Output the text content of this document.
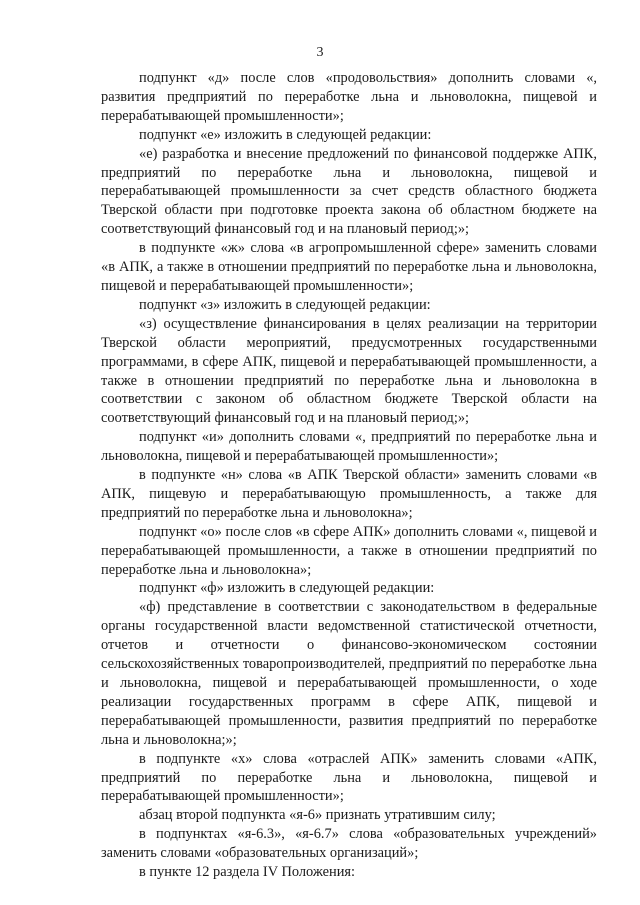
3

подпункт «д» после слов «продовольствия» дополнить словами «, развития предприятий по переработке льна и льноволокна, пищевой и перерабатывающей промышленности»;

подпункт «е» изложить в следующей редакции:

«е) разработка и внесение предложений по финансовой поддержке АПК, предприятий по переработке льна и льноволокна, пищевой и перерабатывающей промышленности за счет средств областного бюджета Тверской области при подготовке проекта закона об областном бюджете на соответствующий финансовый год и на плановый период;»;

в подпункте «ж» слова «в агропромышленной сфере» заменить словами «в АПК, а также в отношении предприятий по переработке льна и льноволокна, пищевой и перерабатывающей промышленности»;

подпункт «з» изложить в следующей редакции:

«з) осуществление финансирования в целях реализации на территории Тверской области мероприятий, предусмотренных государственными программами, в сфере АПК, пищевой и перерабатывающей промышленности, а также в отношении предприятий по переработке льна и льноволокна в соответствии с законом об областном бюджете Тверской области на соответствующий финансовый год и на плановый период;»;

подпункт «и» дополнить словами «, предприятий по переработке льна и льноволокна, пищевой и перерабатывающей промышленности»;

в подпункте «н» слова «в АПК Тверской области» заменить словами «в АПК, пищевую и перерабатывающую промышленность, а также для предприятий по переработке льна и льноволокна»;

подпункт «о» после слов «в сфере АПК» дополнить словами «, пищевой и перерабатывающей промышленности, а также в отношении предприятий по переработке льна и льноволокна»;

подпункт «ф» изложить в следующей редакции:

«ф) представление в соответствии с законодательством в федеральные органы государственной власти ведомственной статистической отчетности, отчетов и отчетности о финансово-экономическом состоянии сельскохозяйственных товаропроизводителей, предприятий по переработке льна и льноволокна, пищевой и перерабатывающей промышленности, о ходе реализации государственных программ в сфере АПК, пищевой и перерабатывающей промышленности, развития предприятий по переработке льна и льноволокна;»;

в подпункте «х» слова «отраслей АПК» заменить словами «АПК, предприятий по переработке льна и льноволокна, пищевой и перерабатывающей промышленности»;

абзац второй подпункта «я-6» признать утратившим силу;

в подпунктах «я-6.3», «я-6.7» слова «образовательных учреждений» заменить словами «образовательных организаций»;

в пункте 12 раздела IV Положения:
